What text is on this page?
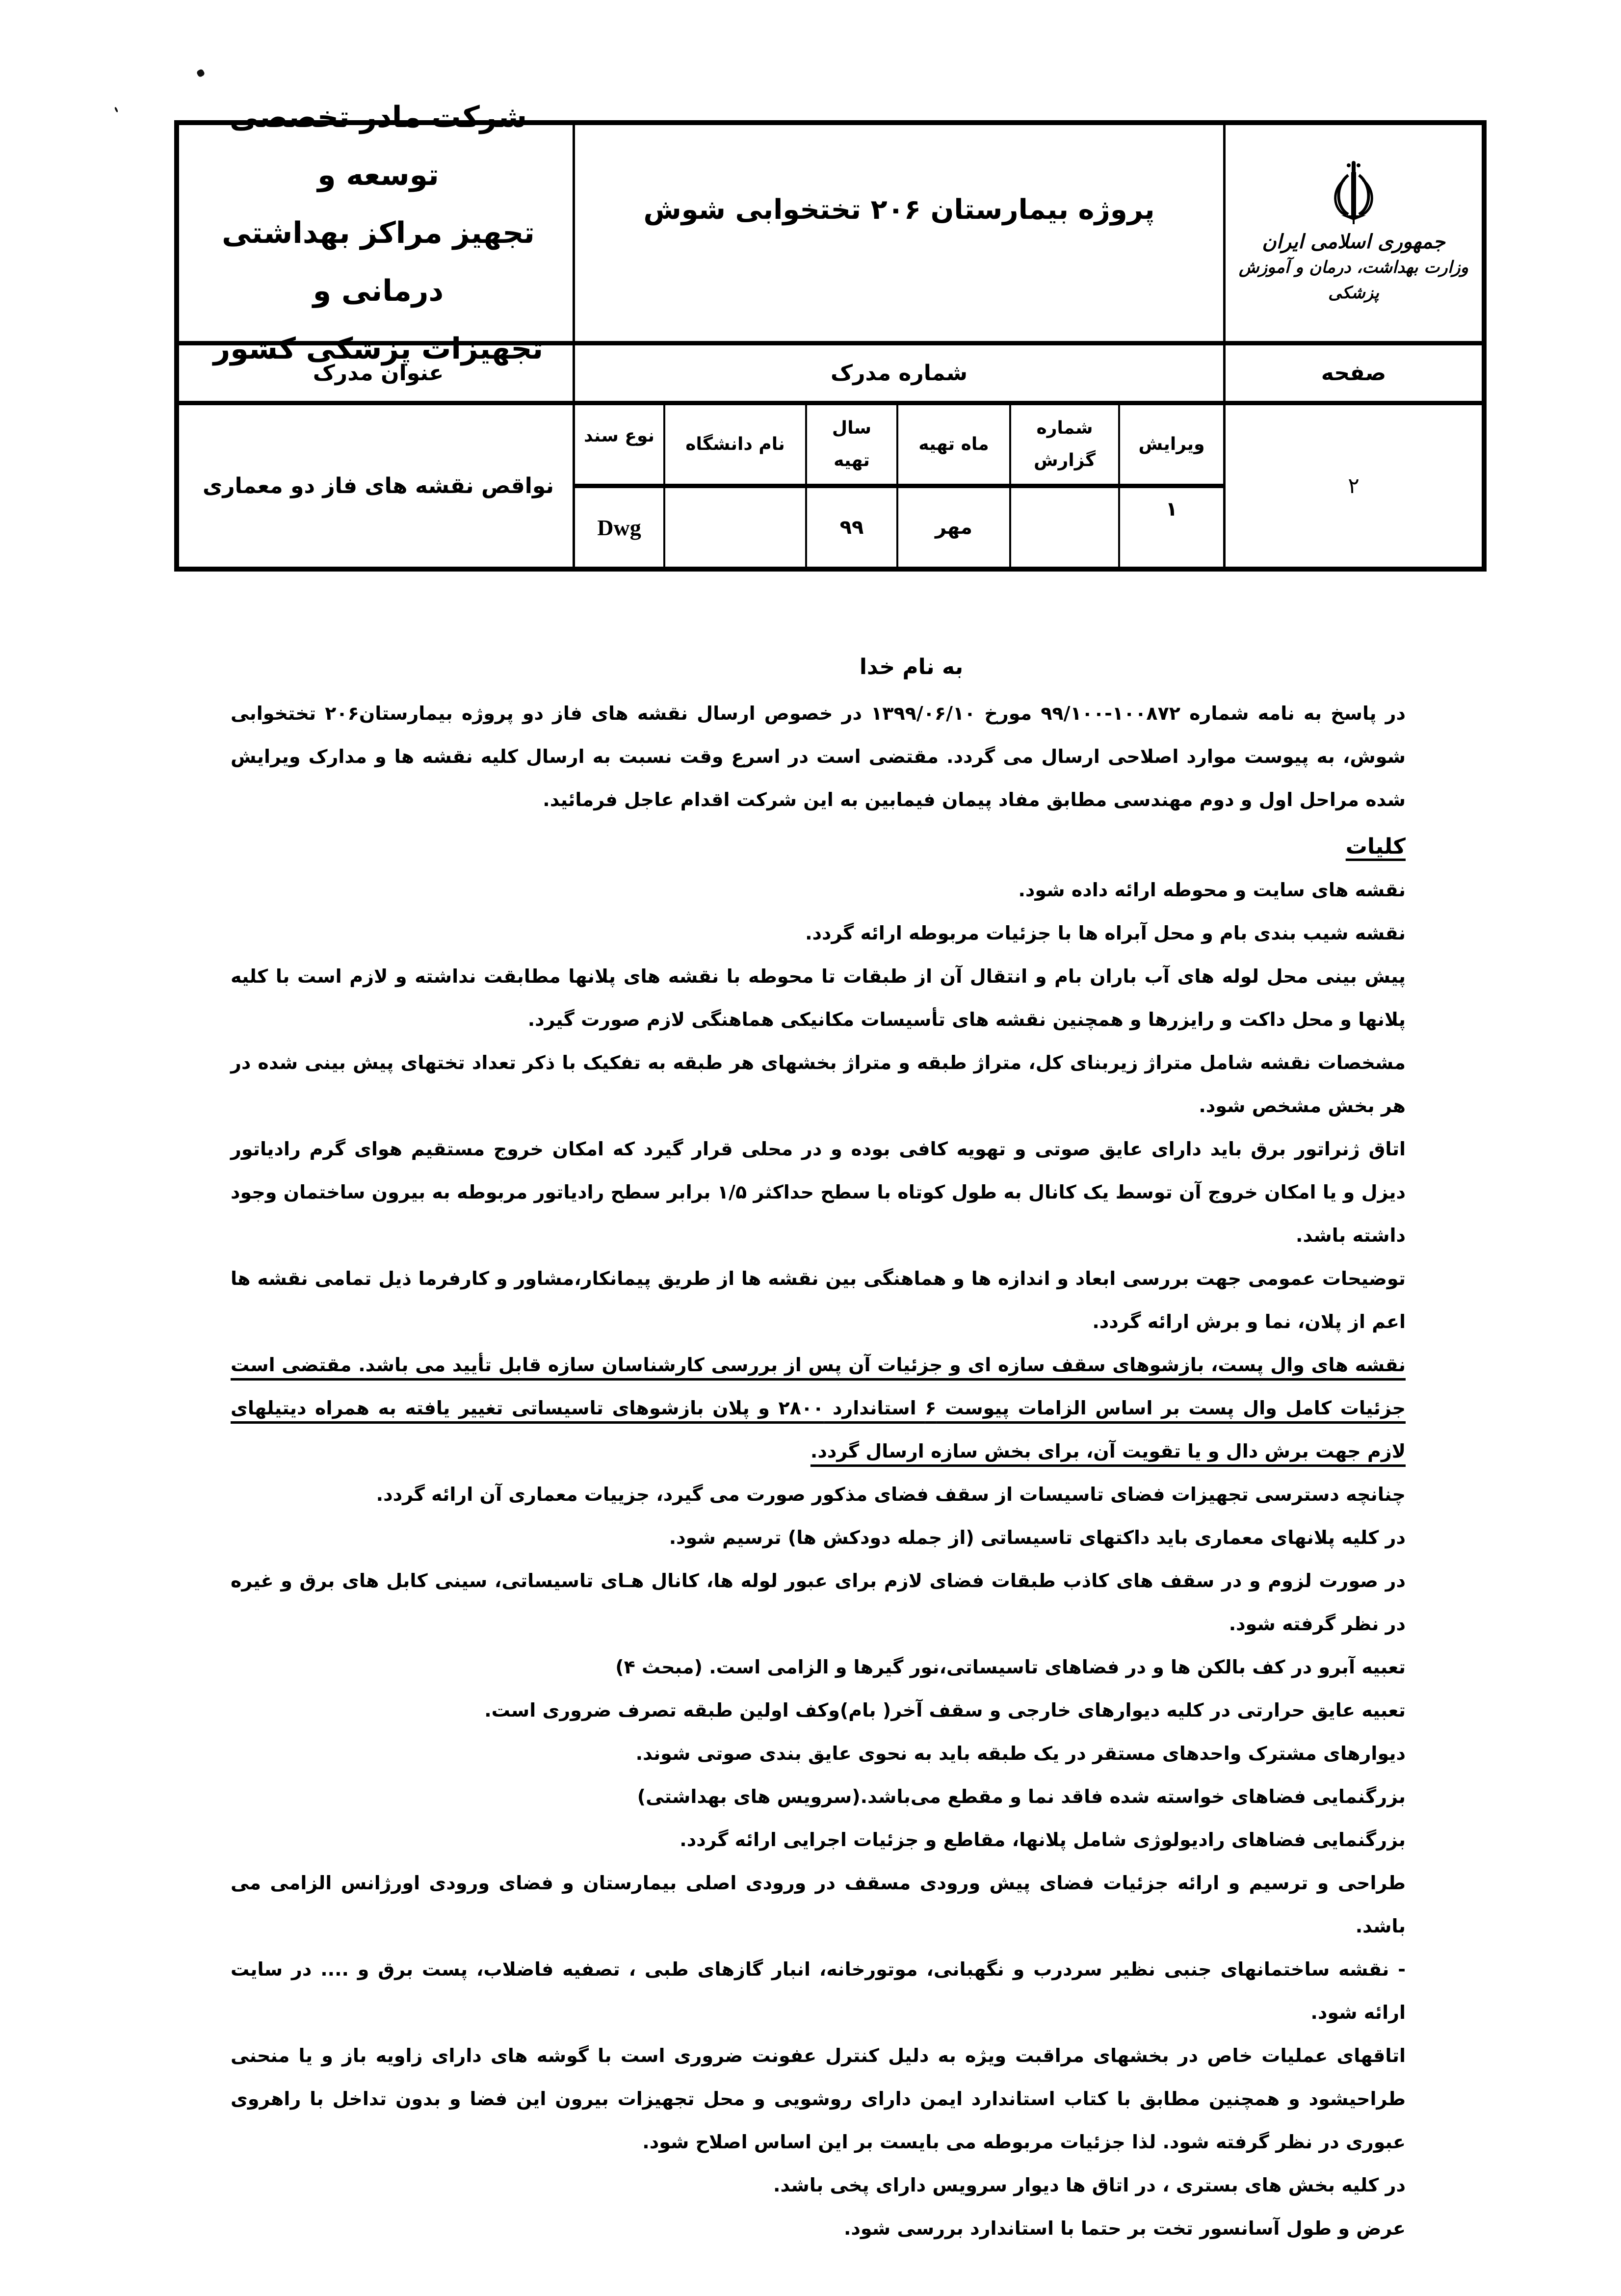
جمهوری اسلامی ایران
وزارت بهداشت، درمان و آموزش پزشکی
پروژه بیمارستان ۲۰۶ تختخوابی شوش
شرکت مادر تخصصی توسعه و
تجهیز مراکز بهداشتی درمانی و
تجهیزات پزشکی کشور
صفحه
شماره مدرک
عنوان مدرک
۲
نواقص نقشه های فاز دو معماری
ویرایش
شماره گزارش
ماه تهیه
سال تهیه
نام دانشگاه
نوع سند
۱
مهر
۹۹
Dwg
به نام خدا
در پاسخ به نامه شماره ۱۰۰۸۷۲-۹۹/۱۰۰ مورخ ۱۳۹۹/۰۶/۱۰ در خصوص ارسال نقشه های فاز دو پروژه بیمارستان۲۰۶ تختخوابی شوش، به پیوست موارد اصلاحی ارسال می گردد. مقتضی است در اسرع وقت نسبت به ارسال کلیه نقشه ها و مدارک ویرایش شده مراحل اول و دوم مهندسی مطابق مفاد پیمان فیمابین به این شرکت اقدام عاجل فرمائید.
کلیات
نقشه های سایت و محوطه ارائه داده شود.
نقشه شیب بندی بام و محل آبراه ها با جزئیات مربوطه ارائه گردد.
پیش بینی محل لوله های آب باران بام و انتقال آن از طبقات تا محوطه با نقشه های پلانها مطابقت نداشته و لازم است با کلیه پلانها و محل داکت و رایزرها و همچنین نقشه های تأسیسات مکانیکی هماهنگی لازم صورت گیرد.
مشخصات نقشه شامل متراژ زیربنای کل، متراژ طبقه و متراژ بخشهای هر طبقه به تفکیک با ذکر تعداد تختهای پیش بینی شده در هر بخش مشخص شود.
اتاق ژنراتور برق باید دارای عایق صوتی و تهویه کافی بوده و در محلی قرار گیرد که امکان خروج مستقیم هوای گرم رادیاتور دیزل و یا امکان خروج آن توسط یک کانال به طول کوتاه با سطح حداکثر ۱/۵ برابر سطح رادیاتور مربوطه به بیرون ساختمان وجود داشته باشد.
توضیحات عمومی جهت بررسی ابعاد و اندازه ها و هماهنگی بین نقشه ها از طریق پیمانکار،مشاور و کارفرما ذیل تمامی نقشه ها اعم از پلان، نما و برش ارائه گردد.
نقشه های وال پست، بازشوهای سقف سازه ای و جزئیات آن پس از بررسی کارشناسان سازه قابل تأیید می باشد. مقتضی است جزئیات کامل وال پست بر اساس الزامات پیوست ۶ استاندارد ۲۸۰۰ و پلان بازشوهای تاسیساتی تغییر یافته به همراه دیتیلهای لازم جهت برش دال و یا تقویت آن، برای بخش سازه ارسال گردد.
چنانچه دسترسی تجهیزات فضای تاسیسات از سقف فضای مذکور صورت می گیرد، جزییات معماری آن ارائه گردد.
در کلیه پلانهای معماری باید داکتهای تاسیساتی (از جمله دودکش ها) ترسیم شود.
در صورت لزوم و در سقف های کاذب طبقات فضای لازم برای عبور لوله ها، کانال هـای تاسیساتی، سینی کابل های برق و غیره در نظر گرفته شود.
تعبیه آبرو در کف بالکن ها و در فضاهای تاسیساتی،نور گیرها و الزامی است. (مبحث ۴)
تعبیه عایق حرارتی در کلیه دیوارهای خارجی و سقف آخر( بام)وکف اولین طبقه تصرف ضروری است.
دیوارهای مشترک واحدهای مستقر در یک طبقه باید به نحوی عایق بندی صوتی شوند.
بزرگنمایی فضاهای خواسته شده فاقد نما و مقطع می‌باشد.(سرویس های بهداشتی)
بزرگنمایی فضاهای رادیولوژی شامل پلانها، مقاطع و جزئیات اجرایی ارائه گردد.
طراحی و ترسیم و ارائه جزئیات فضای پیش ورودی مسقف در ورودی اصلی بیمارستان و فضای ورودی اورژانس الزامی می باشد.
- نقشه ساختمانهای جنبی نظیر سردرب و نگهبانی، موتورخانه، انبار گازهای طبی ، تصفیه فاضلاب، پست برق و .... در سایت ارائه شود.
اتاقهای عملیات خاص در بخشهای مراقبت ویژه به دلیل کنترل عفونت ضروری است با گوشه های دارای زاویه باز و یا منحنی طراحیشود و همچنین مطابق با کتاب استاندارد ایمن دارای روشویی و محل تجهیزات بیرون این فضا و بدون تداخل با راهروی عبوری در نظر گرفته شود. لذا جزئیات مربوطه می بایست بر این اساس اصلاح شود.
در کلیه بخش های بستری ، در اتاق ها دیوار سرویس دارای پخی باشد.
عرض و طول آسانسور تخت بر حتما با استاندارد بررسی شود.
